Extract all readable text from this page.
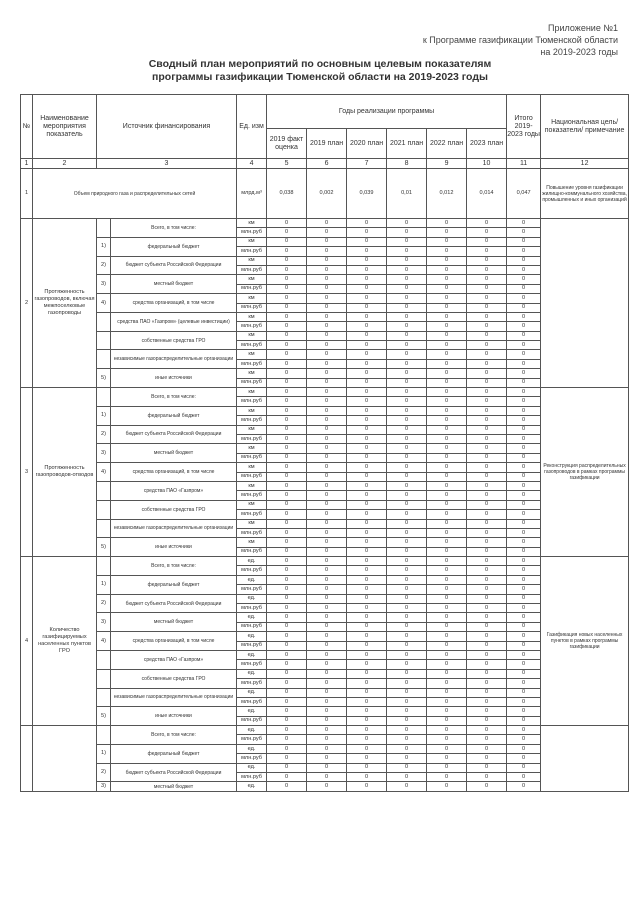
Приложение №1
к Программе газификации Тюменской области
на 2019-2023 годы
Сводный план мероприятий по основным целевым показателям
программы газификации Тюменской области на 2019-2023 годы
№	Наименование мероприятия показатель	Источник финансирования		Ед. изм	Годы реализации программы						Итого 2019-2023 годы	Национальная цель/ показатели/ примечание
					2019 факт оценка	2019 план	2020 план	2021 план	2022 план	2023 план		
1	2	3		4	5	6	7	8	9	10	11	12
1	Объем природного газа и распределительных сетей			млрд.м³	0,038	0,002	0,039	0,01	0,012	0,014	0,047	Повышение уровня газификации жилищно-коммунального хозяйства, промышленных и иных организаций
2	Протяженность газопроводов, включая межпоселковые газопроводы		Всего, в том числе:	км	0	0	0	0	0	0	0	
				млн.руб	0	0	0	0	0	0	0	
		1)	федеральный бюджет	км	0	0	0	0	0	0	0	
				млн.руб	0	0	0	0	0	0	0	
		2)	бюджет субъекта Российской Федерации	км	0	0	0	0	0	0	0	
				млн.руб	0	0	0	0	0	0	0	
		3)	местный бюджет	км	0	0	0	0	0	0	0	
				млн.руб	0	0	0	0	0	0	0	
		4)	средства организаций, в том числе	км	0	0	0	0	0	0	0	
				млн.руб	0	0	0	0	0	0	0	
			средства ПАО «Газпром» (целевые инвестиции)	км	0	0	0	0	0	0	0	
				млн.руб	0	0	0	0	0	0	0	
			собственные средства ГРО	км	0	0	0	0	0	0	0	
				млн.руб	0	0	0	0	0	0	0	
			независимые газораспределительные организации	км	0	0	0	0	0	0	0	
				млн.руб	0	0	0	0	0	0	0	
		5)	иные источники	км	0	0	0	0	0	0	0	
				млн.руб	0	0	0	0	0	0	0	
3	Протяженность газопроводов-отводов		Всего, в том числе:	км	0	0	0	0	0	0	0	Реконструкция распределительных газопроводов в рамках программы газификации
				млн.руб	0	0	0	0	0	0	0	
		1)	федеральный бюджет	км	0	0	0	0	0	0	0	
				млн.руб	0	0	0	0	0	0	0	
		2)	бюджет субъекта Российской Федерации	км	0	0	0	0	0	0	0	
				млн.руб	0	0	0	0	0	0	0	
		3)	местный бюджет	км	0	0	0	0	0	0	0	
				млн.руб	0	0	0	0	0	0	0	
		4)	средства организаций, в том числе	км	0	0	0	0	0	0	0	
				млн.руб	0	0	0	0	0	0	0	
			средства ПАО «Газпром»	км	0	0	0	0	0	0	0	
				млн.руб	0	0	0	0	0	0	0	
			собственные средства ГРО	км	0	0	0	0	0	0	0	
				млн.руб	0	0	0	0	0	0	0	
			независимые газораспределительные организации	км	0	0	0	0	0	0	0	
				млн.руб	0	0	0	0	0	0	0	
		5)	иные источники	км	0	0	0	0	0	0	0	
				млн.руб	0	0	0	0	0	0	0	
4	Количество газифицируемых населенных пунктов ГРО		Всего, в том числе:	ед.	0	0	0	0	0	0	0	Газификация новых населенных пунктов в рамках программы газификации
				млн.руб	0	0	0	0	0	0	0	
		1)	федеральный бюджет	ед.	0	0	0	0	0	0	0	
				млн.руб	0	0	0	0	0	0	0	
		2)	бюджет субъекта Российской Федерации	ед.	0	0	0	0	0	0	0	
				млн.руб	0	0	0	0	0	0	0	
		3)	местный бюджет	ед.	0	0	0	0	0	0	0	
				млн.руб	0	0	0	0	0	0	0	
		4)	средства организаций, в том числе	ед.	0	0	0	0	0	0	0	
				млн.руб	0	0	0	0	0	0	0	
			средства ПАО «Газпром»	ед.	0	0	0	0	0	0	0	
				млн.руб	0	0	0	0	0	0	0	
			собственные средства ГРО	ед.	0	0	0	0	0	0	0	
				млн.руб	0	0	0	0	0	0	0	
			независимые газораспределительные организации	ед.	0	0	0	0	0	0	0	
				млн.руб	0	0	0	0	0	0	0	
		5)	иные источники	ед.	0	0	0	0	0	0	0	
				млн.руб	0	0	0	0	0	0	0	
			Всего, в том числе:	ед.	0	0	0	0	0	0	0	
				млн.руб	0	0	0	0	0	0	0	
		1)	федеральный бюджет	ед.	0	0	0	0	0	0	0	
				млн.руб	0	0	0	0	0	0	0	
		2)	бюджет субъекта Российской Федерации	ед.	0	0	0	0	0	0	0	
				млн.руб	0	0	0	0	0	0	0	
		3)	местный бюджет	ед.	0	0	0	0	0	0	0	
